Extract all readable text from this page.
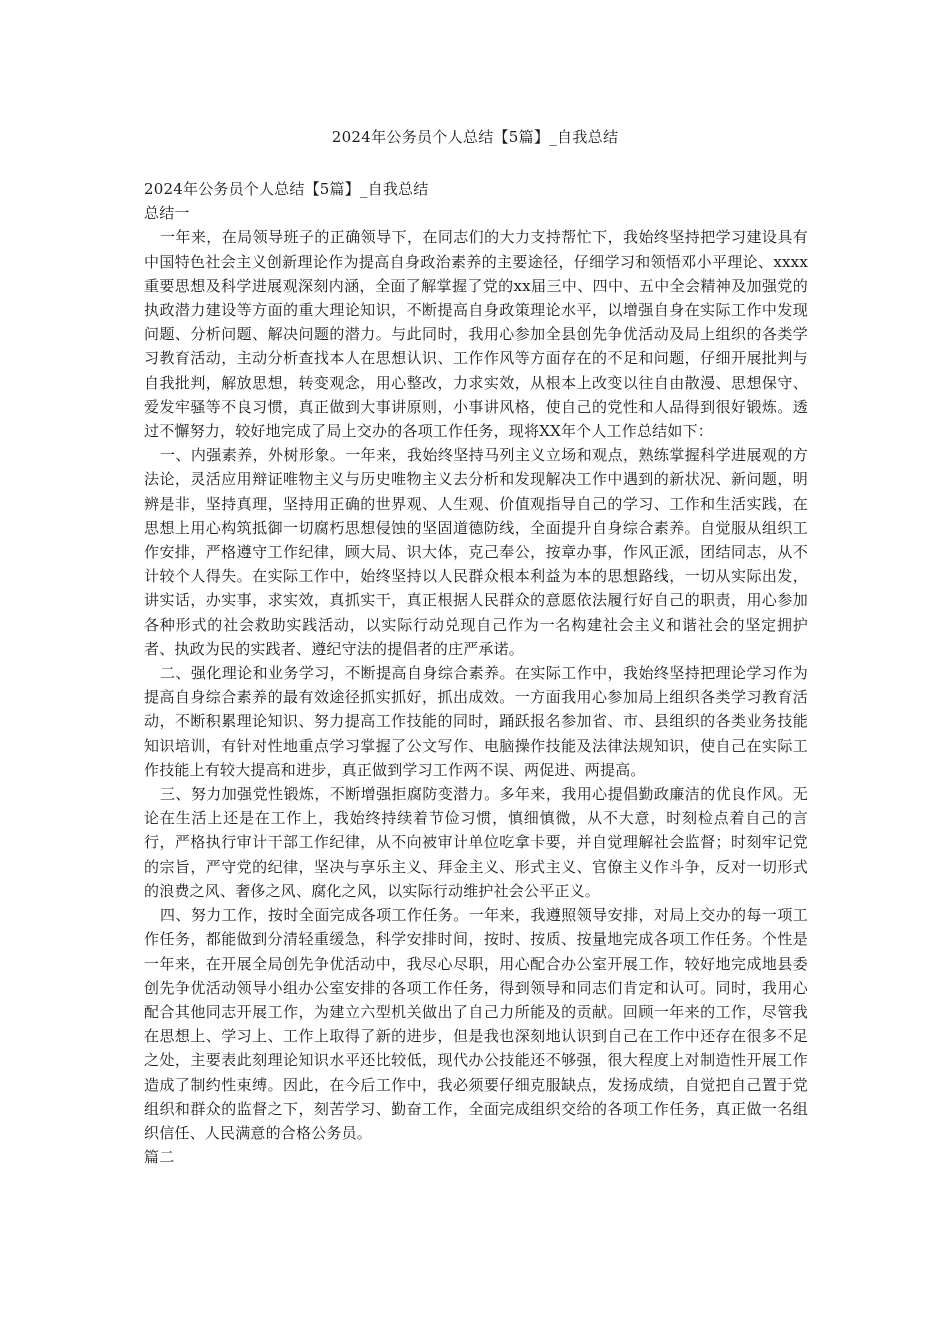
2024年公务员个人总结【5篇】_自我总结

2024年公务员个人总结【5篇】_自我总结

总结一

一年来，在局领导班子的正确领导下，在同志们的大力支持帮忙下，我始终坚持把学习建设具有中国特色社会主义创新理论作为提高自身政治素养的主要途径，仔细学习和领悟邓小平理论、xxxx重要思想及科学进展观深刻内涵，全面了解掌握了党的xx届三中、四中、五中全会精神及加强党的执政潜力建设等方面的重大理论知识，不断提高自身政策理论水平，以增强自身在实际工作中发现问题、分析问题、解决问题的潜力。与此同时，我用心参加全县创先争优活动及局上组织的各类学习教育活动，主动分析查找本人在思想认识、工作作风等方面存在的不足和问题，仔细开展批判与自我批判，解放思想，转变观念，用心整改，力求实效，从根本上改变以往自由散漫、思想保守、爱发牢骚等不良习惯，真正做到大事讲原则，小事讲风格，使自己的党性和人品得到很好锻炼。透过不懈努力，较好地完成了局上交办的各项工作任务，现将XX年个人工作总结如下：

一、内强素养，外树形象。一年来，我始终坚持马列主义立场和观点，熟练掌握科学进展观的方法论，灵活应用辩证唯物主义与历史唯物主义去分析和发现解决工作中遇到的新状况、新问题，明辨是非，坚持真理，坚持用正确的世界观、人生观、价值观指导自己的学习、工作和生活实践，在思想上用心构筑抵御一切腐朽思想侵蚀的坚固道德防线，全面提升自身综合素养。自觉服从组织工作安排，严格遵守工作纪律，顾大局、识大体，克己奉公，按章办事，作风正派，团结同志，从不计较个人得失。在实际工作中，始终坚持以人民群众根本利益为本的思想路线，一切从实际出发，讲实话，办实事，求实效，真抓实干，真正根据人民群众的意愿依法履行好自己的职责，用心参加各种形式的社会救助实践活动，以实际行动兑现自己作为一名构建社会主义和谐社会的坚定拥护者、执政为民的实践者、遵纪守法的提倡者的庄严承诺。

二、强化理论和业务学习，不断提高自身综合素养。在实际工作中，我始终坚持把理论学习作为提高自身综合素养的最有效途径抓实抓好，抓出成效。一方面我用心参加局上组织各类学习教育活动，不断积累理论知识、努力提高工作技能的同时，踊跃报名参加省、市、县组织的各类业务技能知识培训，有针对性地重点学习掌握了公文写作、电脑操作技能及法律法规知识，使自己在实际工作技能上有较大提高和进步，真正做到学习工作两不误、两促进、两提高。

三、努力加强党性锻炼，不断增强拒腐防变潜力。多年来，我用心提倡勤政廉洁的优良作风。无论在生活上还是在工作上，我始终持续着节俭习惯，慎细慎微，从不大意，时刻检点着自己的言行，严格执行审计干部工作纪律，从不向被审计单位吃拿卡要，并自觉理解社会监督；时刻牢记党的宗旨，严守党的纪律，坚决与享乐主义、拜金主义、形式主义、官僚主义作斗争，反对一切形式的浪费之风、奢侈之风、腐化之风，以实际行动维护社会公平正义。

四、努力工作，按时全面完成各项工作任务。一年来，我遵照领导安排，对局上交办的每一项工作任务，都能做到分清轻重缓急，科学安排时间，按时、按质、按量地完成各项工作任务。个性是一年来，在开展全局创先争优活动中，我尽心尽职，用心配合办公室开展工作，较好地完成地县委创先争优活动领导小组办公室安排的各项工作任务，得到领导和同志们肯定和认可。同时，我用心配合其他同志开展工作，为建立六型机关做出了自己力所能及的贡献。回顾一年来的工作，尽管我在思想上、学习上、工作上取得了新的进步，但是我也深刻地认识到自己在工作中还存在很多不足之处，主要表此刻理论知识水平还比较低，现代办公技能还不够强，很大程度上对制造性开展工作造成了制约性束缚。因此，在今后工作中，我必须要仔细克服缺点，发扬成绩，自觉把自己置于党组织和群众的监督之下，刻苦学习、勤奋工作，全面完成组织交给的各项工作任务，真正做一名组织信任、人民满意的合格公务员。

篇二
